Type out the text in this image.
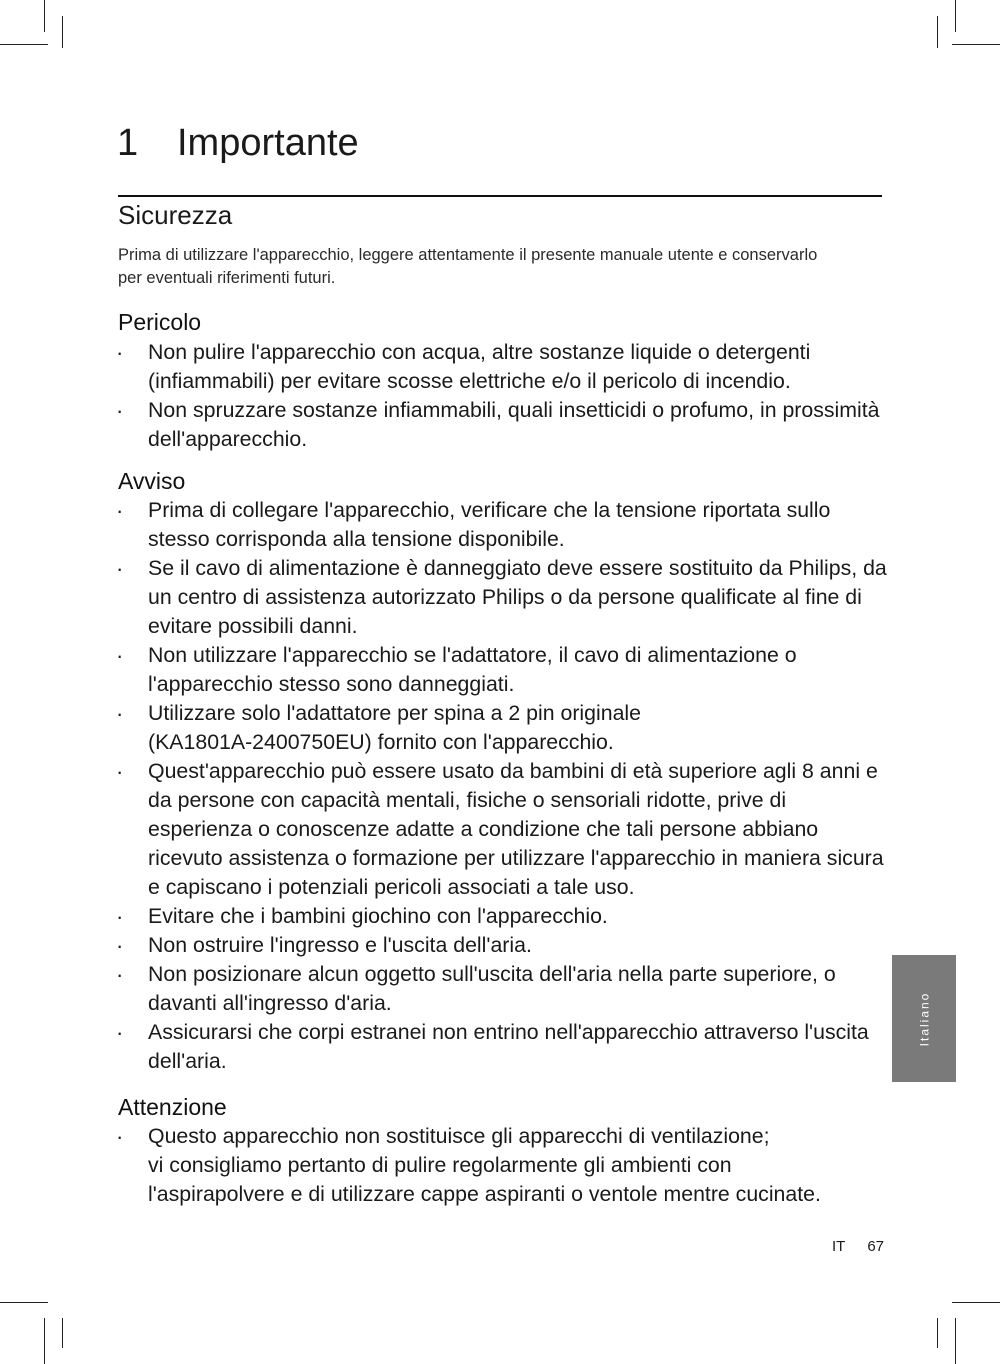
1 Importante
Sicurezza

Prima di utilizzare l'apparecchio, leggere attentamente il presente manuale utente e conservarlo per eventuali riferimenti futuri.

Pericolo
· Non pulire l'apparecchio con acqua, altre sostanze liquide o detergenti (infiammabili) per evitare scosse elettriche e/o il pericolo di incendio.
· Non spruzzare sostanze infiammabili, quali insetticidi o profumo, in prossimità dell'apparecchio.
Avviso
· Prima di collegare l'apparecchio, verificare che la tensione riportata sullo stesso corrisponda alla tensione disponibile.
· Se il cavo di alimentazione è danneggiato deve essere sostituito da Philips, da un centro di assistenza autorizzato Philips o da persone qualificate al fine di evitare possibili danni.
· Non utilizzare l'apparecchio se l'adattatore, il cavo di alimentazione o l'apparecchio stesso sono danneggiati.
· Utilizzare solo l'adattatore per spina a 2 pin originale
(KA1801A-2400750EU) fornito con l'apparecchio.
· Quest'apparecchio può essere usato da bambini di età superiore agli 8 anni e da persone con capacità mentali, fisiche o sensoriali ridotte, prive di esperienza o conoscenze adatte a condizione che tali persone abbiano ricevuto assistenza o formazione per utilizzare l'apparecchio in maniera sicura e capiscano i potenziali pericoli associati a tale uso.
· Evitare che i bambini giochino con l'apparecchio.
· Non ostruire l'ingresso e l'uscita dell'aria.
· Non posizionare alcun oggetto sull'uscita dell'aria nella parte superiore, o davanti all'ingresso d'aria.
· Assicurarsi che corpi estranei non entrino nell'apparecchio attraverso l'uscita dell'aria.
Attenzione
· Questo apparecchio non sostituisce gli apparecchi di ventilazione;
vi consigliamo pertanto di pulire regolarmente gli ambienti con
l'aspirapolvere e di utilizzare cappe aspiranti o ventole mentre cucinate.
Italiano
IT 67
